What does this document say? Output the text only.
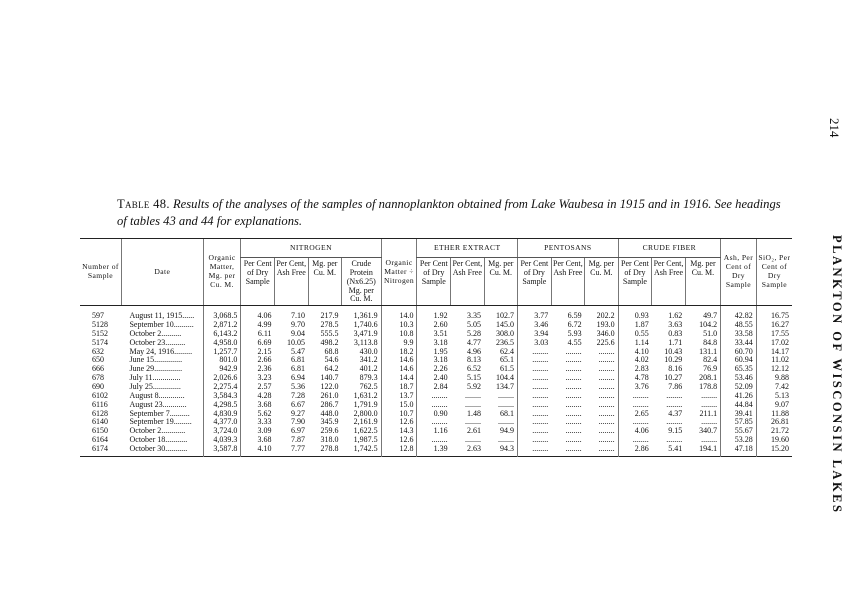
214
PLANKTON OF WISCONSIN LAKES
Table 48. Results of the analyses of the samples of nannoplankton obtained from Lake Waubesa in 1915 and in 1916. See headings of tables 43 and 44 for explanations.
Number of Sample	Date	Organic Matter, Mg. per Cu. M.	NITROGEN				Organic Matter ÷ Nitrogen	ETHER EXTRACT			PENTOSANS			CRUDE FIBER			Ash, Per Cent of Dry Sample	SiO₂, Per Cent of Dry Sample
			Per Cent of Dry Sample	Per Cent, Ash Free	Mg. per Cu. M.	Crude Protein (Nx6.25) Mg. per Cu. M.		Per Cent of Dry Sample	Per Cent, Ash Free	Mg. per Cu. M.	Per Cent of Dry Sample	Per Cent, Ash Free	Mg. per Cu. M.	Per Cent of Dry Sample	Per Cent, Ash Free	Mg. per Cu. M.		
597	August 11, 1915......	3,068.5	4.06	7.10	217.9	1,361.9	14.0	1.92	3.35	102.7	3.77	6.59	202.2	0.93	1.62	49.7	42.82	16.75
5128	September 10..........	2,871.2	4.99	9.70	278.5	1,740.6	10.3	2.60	5.05	145.0	3.46	6.72	193.0	1.87	3.63	104.2	48.55	16.27
5152	October 2..........	6,143.2	6.11	9.04	555.5	3,471.9	10.8	3.51	5.28	308.0	3.94	5.93	346.0	0.55	0.83	51.0	33.58	17.55
5174	October 23..........	4,958.0	6.69	10.05	498.2	3,113.8	9.9	3.18	4.77	236.5	3.03	4.55	225.6	1.14	1.71	84.8	33.44	17.02
632	May 24, 1916.........	1,257.7	2.15	5.47	68.8	430.0	18.2	1.95	4.96	62.4	........	........	........	4.10	10.43	131.1	60.70	14.17
650	June 15..............	801.0	2.66	6.81	54.6	341.2	14.6	3.18	8.13	65.1	........	........	........	4.02	10.29	82.4	60.94	11.02
666	June 29..............	942.9	2.36	6.81	64.2	401.2	14.6	2.26	6.52	61.5	........	........	........	2.83	8.16	76.9	65.35	12.12
678	July 11..............	2,026.6	3.23	6.94	140.7	879.3	14.4	2.40	5.15	104.4	........	........	........	4.78	10.27	208.1	53.46	9.88
690	July 25..............	2,275.4	2.57	5.36	122.0	762.5	18.7	2.84	5.92	134.7	........	........	........	3.76	7.86	178.8	52.09	7.42
6102	August 8.............	3,584.3	4.28	7.28	261.0	1,631.2	13.7	........	........	........	........	........	........	........	........	........	41.26	5.13
6116	August 23............	4,298.5	3.68	6.67	286.7	1,791.9	15.0	........	........	........	........	........	........	........	........	........	44.84	9.07
6128	September 7..........	4,830.9	5.62	9.27	448.0	2,800.0	10.7	0.90	1.48	68.1	........	........	........	2.65	4.37	211.1	39.41	11.88
6140	September 19.........	4,377.0	3.33	7.90	345.9	2,161.9	12.6	........	........	........	........	........	........	........	........	........	57.85	26.81
6150	October 2............	3,724.0	3.09	6.97	259.6	1,622.5	14.3	1.16	2.61	94.9	........	........	........	4.06	9.15	340.7	55.67	21.72
6164	October 18...........	4,039.3	3.68	7.87	318.0	1,987.5	12.6	........	........	........	........	........	........	........	........	........	53.28	19.60
6174	October 30...........	3,587.8	4.10	7.77	278.8	1,742.5	12.8	1.39	2.63	94.3	........	........	........	2.86	5.41	194.1	47.18	15.20
